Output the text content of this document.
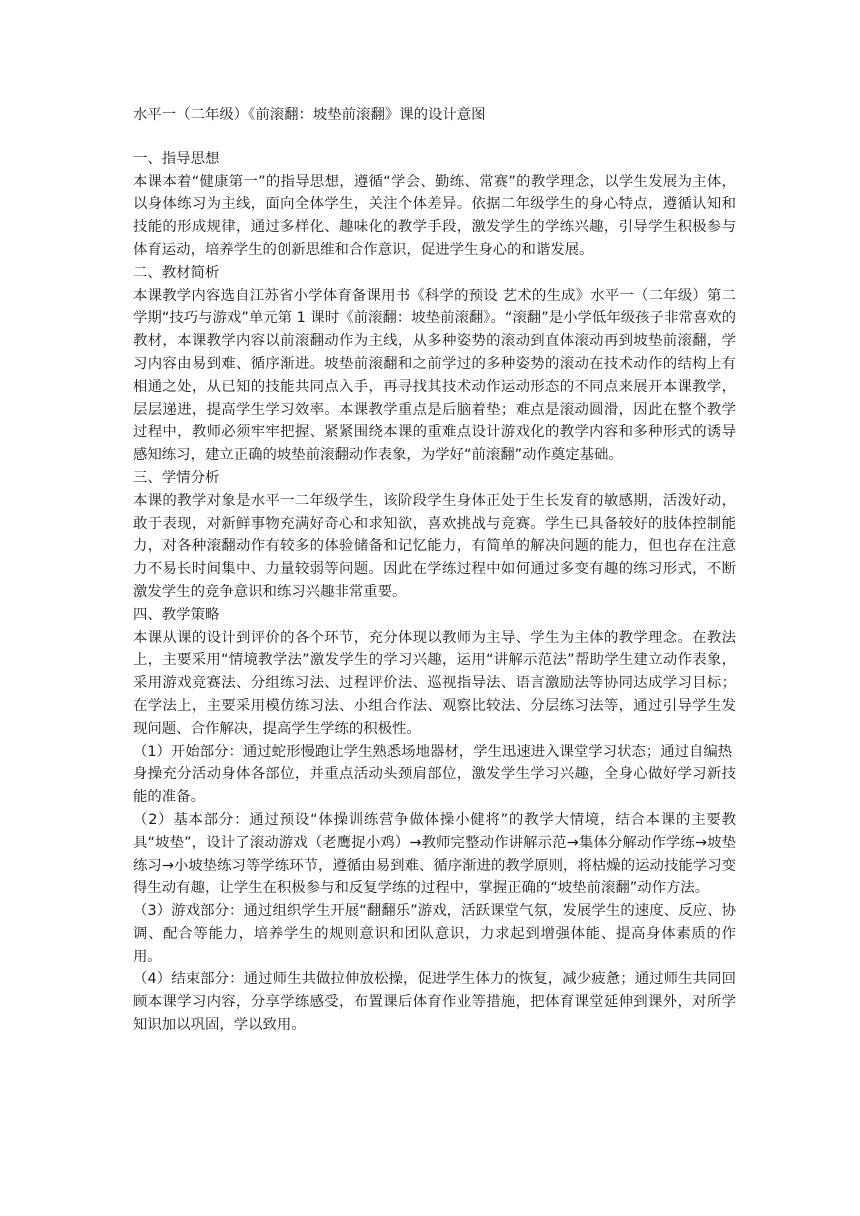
水平一（二年级）《前滚翻：坡垫前滚翻》课的设计意图

一、指导思想

本课本着“健康第一”的指导思想，遵循“学会、勤练、常赛”的教学理念，以学生发展为主体，以身体练习为主线，面向全体学生，关注个体差异。依据二年级学生的身心特点，遵循认知和技能的形成规律，通过多样化、趣味化的教学手段，激发学生的学练兴趣，引导学生积极参与体育运动，培养学生的创新思维和合作意识，促进学生身心的和谐发展。

二、教材简析

本课教学内容选自江苏省小学体育备课用书《科学的预设 艺术的生成》水平一（二年级）第二学期“技巧与游戏”单元第 1 课时《前滚翻：坡垫前滚翻》。“滚翻”是小学低年级孩子非常喜欢的教材，本课教学内容以前滚翻动作为主线，从多种姿势的滚动到直体滚动再到坡垫前滚翻，学习内容由易到难、循序渐进。坡垫前滚翻和之前学过的多种姿势的滚动在技术动作的结构上有相通之处，从已知的技能共同点入手，再寻找其技术动作运动形态的不同点来展开本课教学，层层递进，提高学生学习效率。本课教学重点是后脑着垫；难点是滚动圆滑，因此在整个教学过程中，教师必须牢牢把握、紧紧围绕本课的重难点设计游戏化的教学内容和多种形式的诱导感知练习，建立正确的坡垫前滚翻动作表象，为学好“前滚翻”动作奠定基础。

三、学情分析

本课的教学对象是水平一二年级学生，该阶段学生身体正处于生长发育的敏感期，活泼好动，敢于表现，对新鲜事物充满好奇心和求知欲，喜欢挑战与竞赛。学生已具备较好的肢体控制能力，对各种滚翻动作有较多的体验储备和记忆能力，有简单的解决问题的能力，但也存在注意力不易长时间集中、力量较弱等问题。因此在学练过程中如何通过多变有趣的练习形式，不断激发学生的竞争意识和练习兴趣非常重要。

四、教学策略

本课从课的设计到评价的各个环节，充分体现以教师为主导、学生为主体的教学理念。在教法上，主要采用“情境教学法”激发学生的学习兴趣，运用“讲解示范法”帮助学生建立动作表象，采用游戏竞赛法、分组练习法、过程评价法、巡视指导法、语言激励法等协同达成学习目标；在学法上，主要采用模仿练习法、小组合作法、观察比较法、分层练习法等，通过引导学生发现问题、合作解决，提高学生学练的积极性。

（1）开始部分：通过蛇形慢跑让学生熟悉场地器材，学生迅速进入课堂学习状态；通过自编热

身操充分活动身体各部位，并重点活动头颈肩部位，激发学生学习兴趣，全身心做好学习新技能的准备。

（2）基本部分：通过预设“体操训练营争做体操小健将”的教学大情境，结合本课的主要教具“坡垫”，设计了滚动游戏（老鹰捉小鸡）→教师完整动作讲解示范→集体分解动作学练→坡垫练习→小坡垫练习等学练环节，遵循由易到难、循序渐进的教学原则，将枯燥的运动技能学习变得生动有趣，让学生在积极参与和反复学练的过程中，掌握正确的“坡垫前滚翻”动作方法。

（3）游戏部分：通过组织学生开展“翻翻乐”游戏，活跃课堂气氛，发展学生的速度、反应、协调、配合等能力，培养学生的规则意识和团队意识，力求起到增强体能、提高身体素质的作用。

（4）结束部分：通过师生共做拉伸放松操，促进学生体力的恢复，减少疲惫；通过师生共同回顾本课学习内容，分享学练感受，布置课后体育作业等措施，把体育课堂延伸到课外，对所学知识加以巩固，学以致用。
